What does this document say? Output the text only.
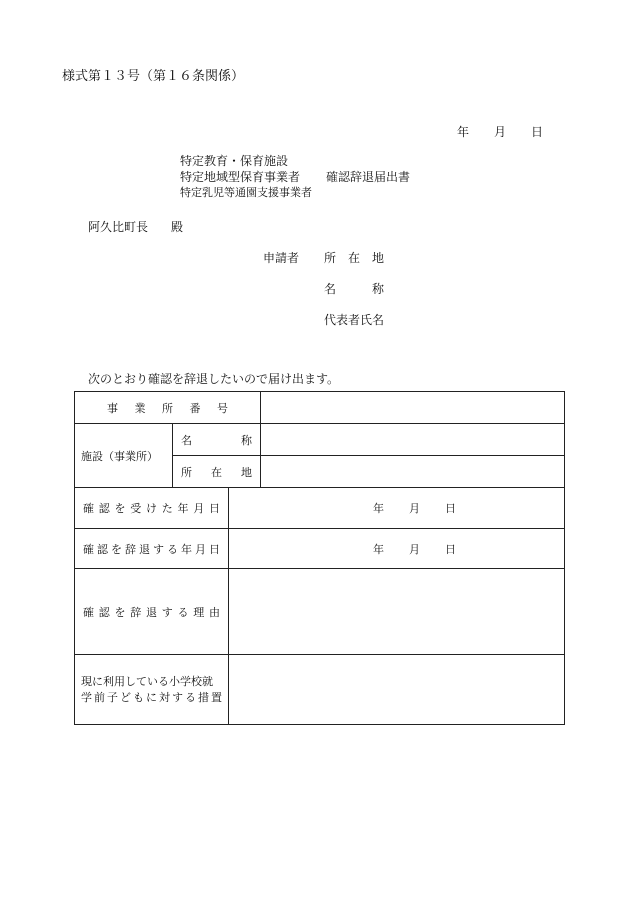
様式第１３号（第１６条関係）
年 月 日
特定教育・保育施設
特定地域型保育事業者
特定乳児等通園支援事業者
確認辞退届出書
阿久比町長 殿
申請者 所　在　地
名　　　称
代表者氏名
次のとおり確認を辞退したいので届け出ます。
事業所番号			

施設（事業所）	名称		

	所在地		

確認を受けた年月日		年 月 日	

確認を辞退する年月日		年 月 日	

確認を辞退する理由			

現に利用している小学校就
学前子どもに対する措置			
